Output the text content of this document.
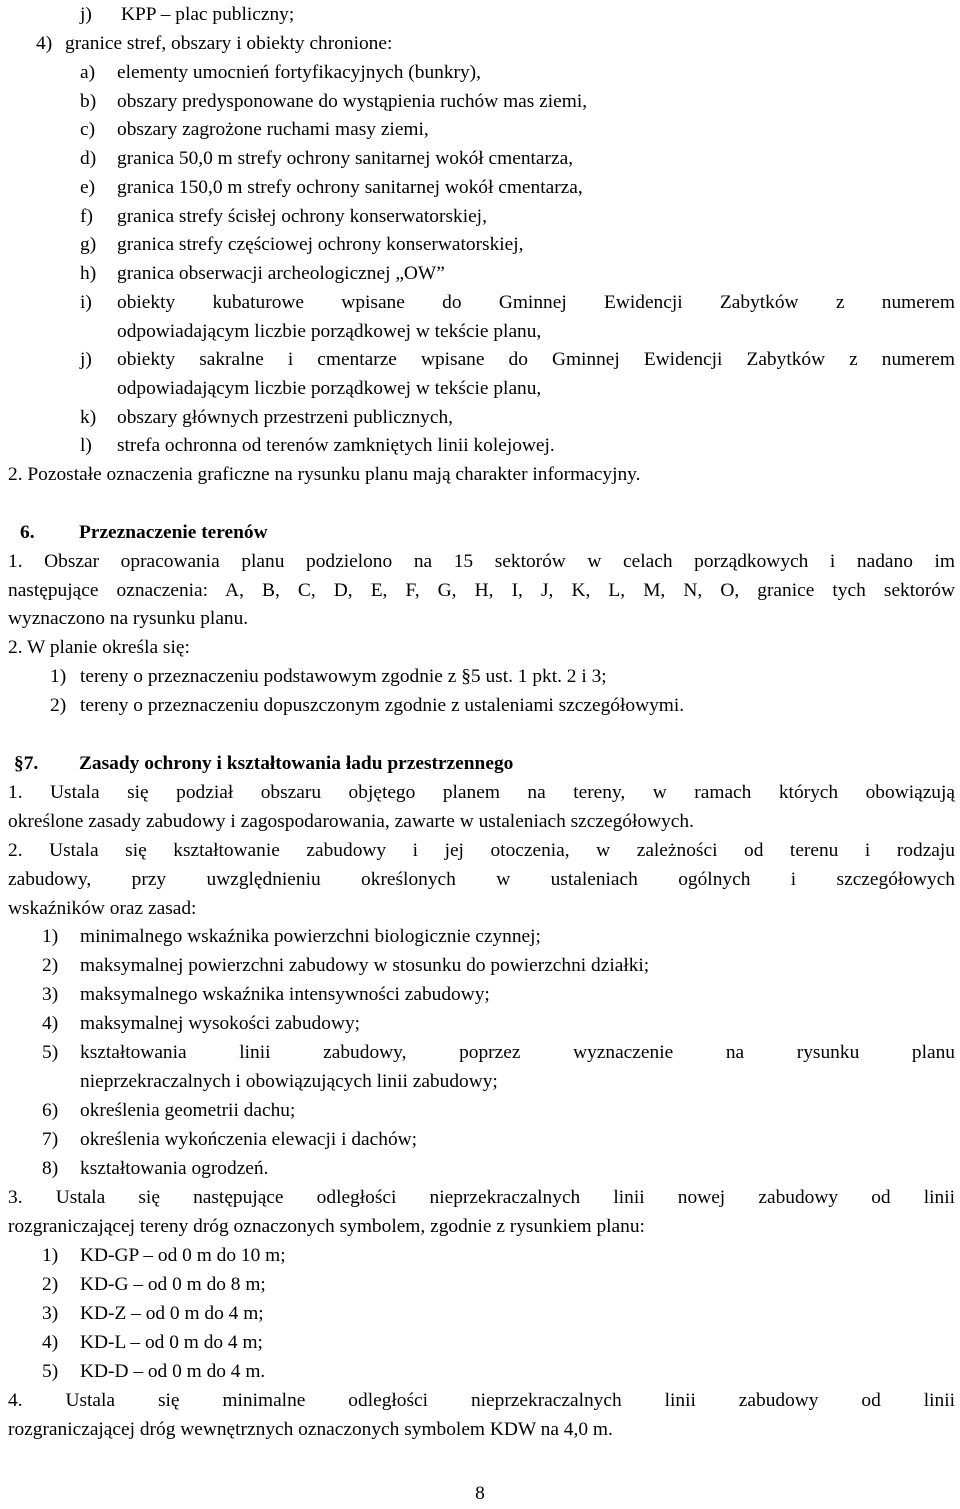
j) KPP – plac publiczny;
4) granice stref, obszary i obiekty chronione:
a) elementy umocnień fortyfikacyjnych (bunkry),
b) obszary predysponowane do wystąpienia ruchów mas ziemi,
c) obszary zagrożone ruchami masy ziemi,
d) granica 50,0 m strefy ochrony sanitarnej wokół cmentarza,
e) granica 150,0 m strefy ochrony sanitarnej wokół cmentarza,
f) granica strefy ścisłej ochrony konserwatorskiej,
g) granica strefy częściowej ochrony konserwatorskiej,
h) granica obserwacji archeologicznej „OW”
i) obiekty kubaturowe wpisane do Gminnej Ewidencji Zabytków z numerem
odpowiadającym liczbie porządkowej w tekście planu,
j) obiekty sakralne i cmentarze wpisane do Gminnej Ewidencji Zabytków z numerem
odpowiadającym liczbie porządkowej w tekście planu,
k) obszary głównych przestrzeni publicznych,
l) strefa ochronna od terenów zamkniętych linii kolejowej.
2. Pozostałe oznaczenia graficzne na rysunku planu mają charakter informacyjny.
6. Przeznaczenie terenów
1. Obszar opracowania planu podzielono na 15 sektorów w celach porządkowych i nadano im
następujące oznaczenia: A, B, C, D, E, F, G, H, I, J, K, L, M, N, O, granice tych sektorów
wyznaczono na rysunku planu.
2. W planie określa się:
1) tereny o przeznaczeniu podstawowym zgodnie z §5 ust. 1 pkt. 2 i 3;
2) tereny o przeznaczeniu dopuszczonym zgodnie z ustaleniami szczegółowymi.
§7. Zasady ochrony i kształtowania ładu przestrzennego
1. Ustala się podział obszaru objętego planem na tereny, w ramach których obowiązują
określone zasady zabudowy i zagospodarowania, zawarte w ustaleniach szczegółowych.
2. Ustala się kształtowanie zabudowy i jej otoczenia, w zależności od terenu i rodzaju
zabudowy, przy uwzględnieniu określonych w ustaleniach ogólnych i szczegółowych
wskaźników oraz zasad:
1) minimalnego wskaźnika powierzchni biologicznie czynnej;
2) maksymalnej powierzchni zabudowy w stosunku do powierzchni działki;
3) maksymalnego wskaźnika intensywności zabudowy;
4) maksymalnej wysokości zabudowy;
5) kształtowania linii zabudowy, poprzez wyznaczenie na rysunku planu
nieprzekraczalnych i obowiązujących linii zabudowy;
6) określenia geometrii dachu;
7) określenia wykończenia elewacji i dachów;
8) kształtowania ogrodzeń.
3. Ustala się następujące odległości nieprzekraczalnych linii nowej zabudowy od linii
rozgraniczającej tereny dróg oznaczonych symbolem, zgodnie z rysunkiem planu:
1) KD-GP – od 0 m do 10 m;
2) KD-G – od 0 m do 8 m;
3) KD-Z – od 0 m do 4 m;
4) KD-L – od 0 m do 4 m;
5) KD-D – od 0 m do 4 m.
4. Ustala się minimalne odległości nieprzekraczalnych linii zabudowy od linii
rozgraniczającej dróg wewnętrznych oznaczonych symbolem KDW na 4,0 m.
8
